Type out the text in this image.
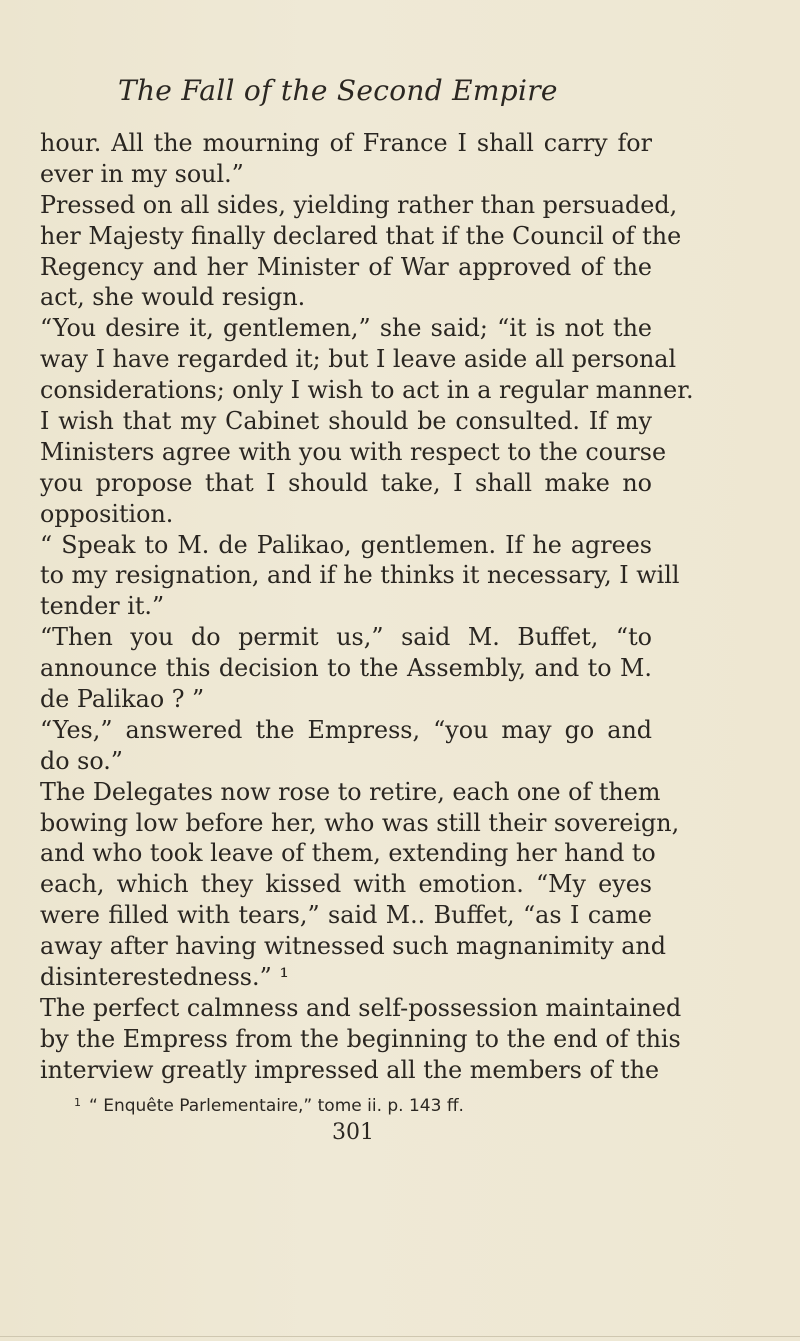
The Fall of the Second Empire
hour. All the mourning of France I shall carry for
ever in my soul.”
Pressed on all sides, yielding rather than persuaded,
her Majesty finally declared that if the Council of the
Regency and her Minister of War approved of the
act, she would resign.
“You desire it, gentlemen,” she said; “it is not the
way I have regarded it; but I leave aside all personal
considerations; only I wish to act in a regular manner.
I wish that my Cabinet should be consulted. If my
Ministers agree with you with respect to the course
you propose that I should take, I shall make no
opposition.
“ Speak to M. de Palikao, gentlemen. If he agrees
to my resignation, and if he thinks it necessary, I will
tender it.”
“Then you do permit us,” said M. Buffet, “to
announce this decision to the Assembly, and to M.
de Palikao ? ”
“Yes,” answered the Empress, “you may go and
do so.”
The Delegates now rose to retire, each one of them
bowing low before her, who was still their sovereign,
and who took leave of them, extending her hand to
each, which they kissed with emotion. “My eyes
were filled with tears,” said M.. Buffet, “as I came
away after having witnessed such magnanimity and
disinterestedness.” ¹
The perfect calmness and self-possession maintained
by the Empress from the beginning to the end of this
interview greatly impressed all the members of the
$^1$ “ Enquête Parlementaire,” tome ii. p. 143 ff.
301
